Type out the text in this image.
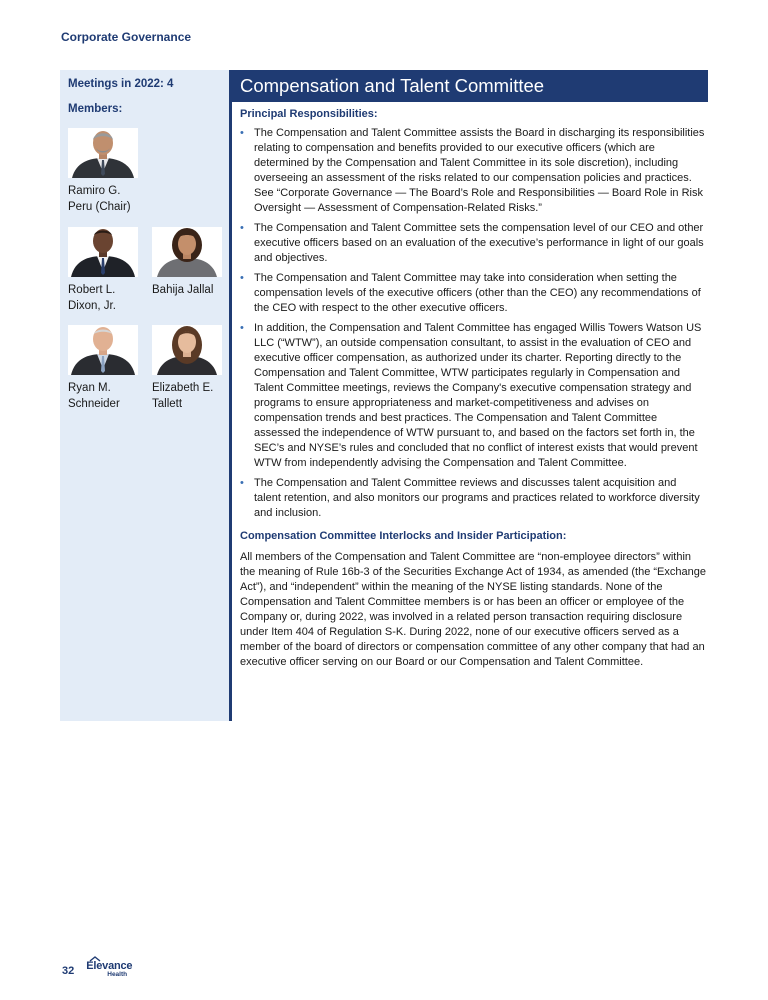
Corporate Governance
Meetings in 2022: 4
Members:
Ramiro G.
Peru (Chair)
Robert L.
Dixon, Jr.
Bahija Jallal
Ryan M.
Schneider
Elizabeth E.
Tallett
Compensation and Talent Committee
Principal Responsibilities:
• The Compensation and Talent Committee assists the Board in discharging its responsibilities relating to compensation and benefits provided to our executive officers (which are determined by the Compensation and Talent Committee in its sole discretion), including overseeing an assessment of the risks related to our compensation policies and practices. See “Corporate Governance — The Board’s Role and Responsibilities — Board Role in Risk Oversight — Assessment of Compensation-Related Risks.”
• The Compensation and Talent Committee sets the compensation level of our CEO and other executive officers based on an evaluation of the executive’s performance in light of our goals and objectives.
• The Compensation and Talent Committee may take into consideration when setting the compensation levels of the executive officers (other than the CEO) any recommendations of the CEO with respect to the other executive officers.
• In addition, the Compensation and Talent Committee has engaged Willis Towers Watson US LLC (“WTW”), an outside compensation consultant, to assist in the evaluation of CEO and executive officer compensation, as authorized under its charter. Reporting directly to the Compensation and Talent Committee, WTW participates regularly in Compensation and Talent Committee meetings, reviews the Company's executive compensation strategy and programs to ensure appropriateness and market-competitiveness and advises on compensation trends and best practices. The Compensation and Talent Committee assessed the independence of WTW pursuant to, and based on the factors set forth in, the SEC’s and NYSE’s rules and concluded that no conflict of interest exists that would prevent WTW from independently advising the Compensation and Talent Committee.
• The Compensation and Talent Committee reviews and discusses talent acquisition and talent retention, and also monitors our programs and practices related to workforce diversity and inclusion.
Compensation Committee Interlocks and Insider Participation:

All members of the Compensation and Talent Committee are “non-employee directors” within the meaning of Rule 16b-3 of the Securities Exchange Act of 1934, as amended (the “Exchange Act”), and “independent” within the meaning of the NYSE listing standards. None of the Compensation and Talent Committee members is or has been an officer or employee of the Company or, during 2022, was involved in a related person transaction requiring disclosure under Item 404 of Regulation S-K. During 2022, none of our executive officers served as a member of the board of directors or compensation committee of any other company that had an executive officer serving on our Board or our Compensation and Talent Committee.

32 Elevance
Health
